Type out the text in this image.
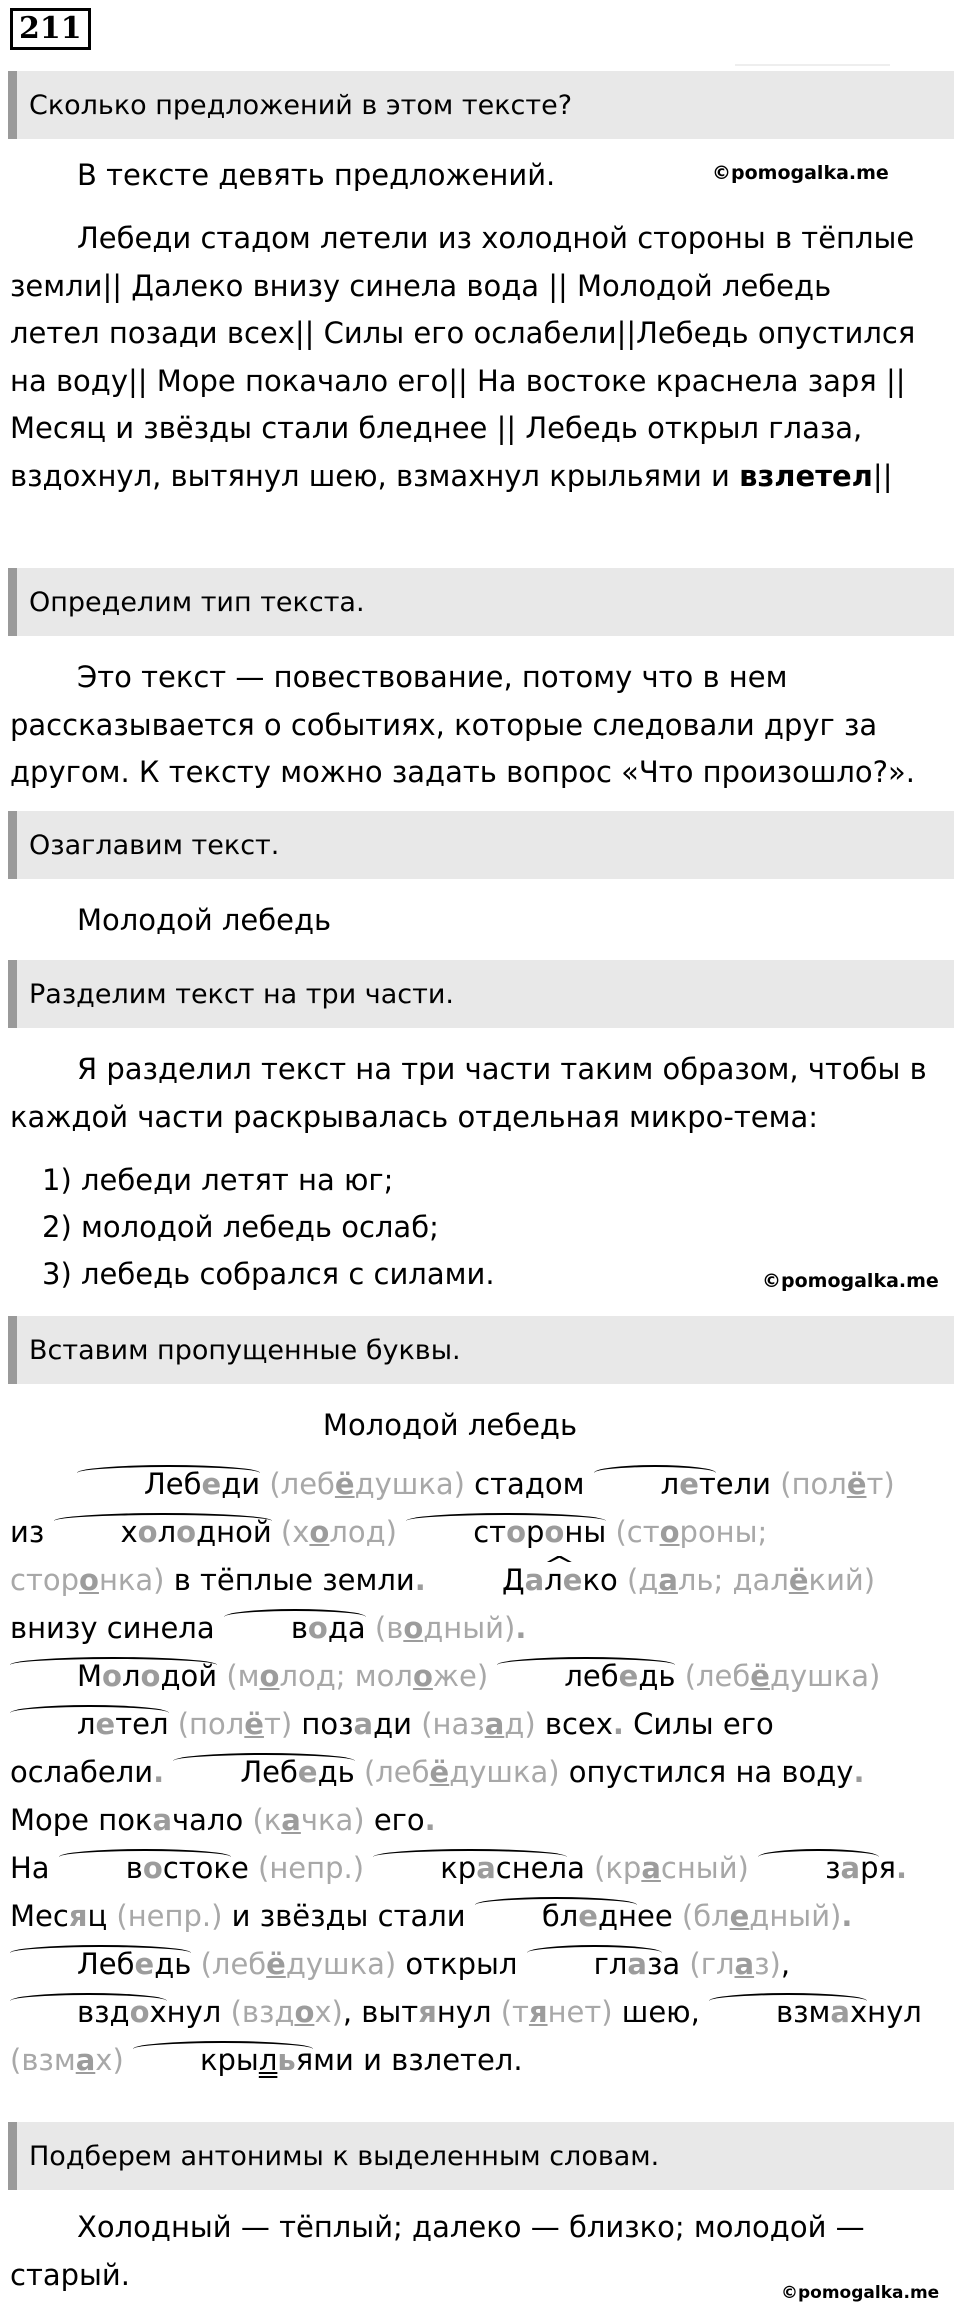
211
Сколько предложений в этом тексте?
В тексте девять предложений.	©pomogalka.me
Лебеди стадом летели из холодной стороны в тёплые земли|| Далеко внизу синела вода || Молодой лебедь летел позади всех|| Силы его ослабели||Лебедь опустился на воду|| Море покачало его|| На востоке краснела заря || Месяц и звёзды стали бледнее || Лебедь открыл глаза, вздохнул, вытянул шею, взмахнул крыльями и взлетел||
Определим тип текста.
Это текст — повествование, потому что в нем рассказывается о событиях, которые следовали друг за другом. К тексту можно задать вопрос «Что произошло?».
Озаглавим текст.
Молодой лебедь
Разделим текст на три части.
Я разделил текст на три части таким образом, чтобы в каждой части раскрывалась отдельная микро-тема:
1) лебеди летят на юг;
2) молодой лебедь ослаб;
3) лебедь собрался с силами.	©pomogalka.me
Вставим пропущенные буквы.
Молодой лебедь
Лебеди (лебёдушка) стадом летели (полёт) из холодной (холод)	стороны (стороны; сторонка) в тёплые земли. ^	Далеко (даль; далёкий) внизу синела вода (водный).
Молодой (молод; моложе)	лебедь (лебёдушка) летел (полёт) позади (назад) всех. Силы его ослабели.	Лебедь (лебёдушка) опустился на воду. Море покачало (качка) его.
На востоке (непр.)	краснела (красный)	заря. Месяц (непр.) и звёзды стали бледнее (бледный). Лебедь (лебёдушка) открыл глаза (глаз), вздохнул (вздох), вытянул (тянет) шею, взмахнул (взмах)	крыльями и взлетел.
Подберем антонимы к выделенным словам.
Холодный — тёплый; далеко — близко; молодой — старый.
©pomogalka.me
